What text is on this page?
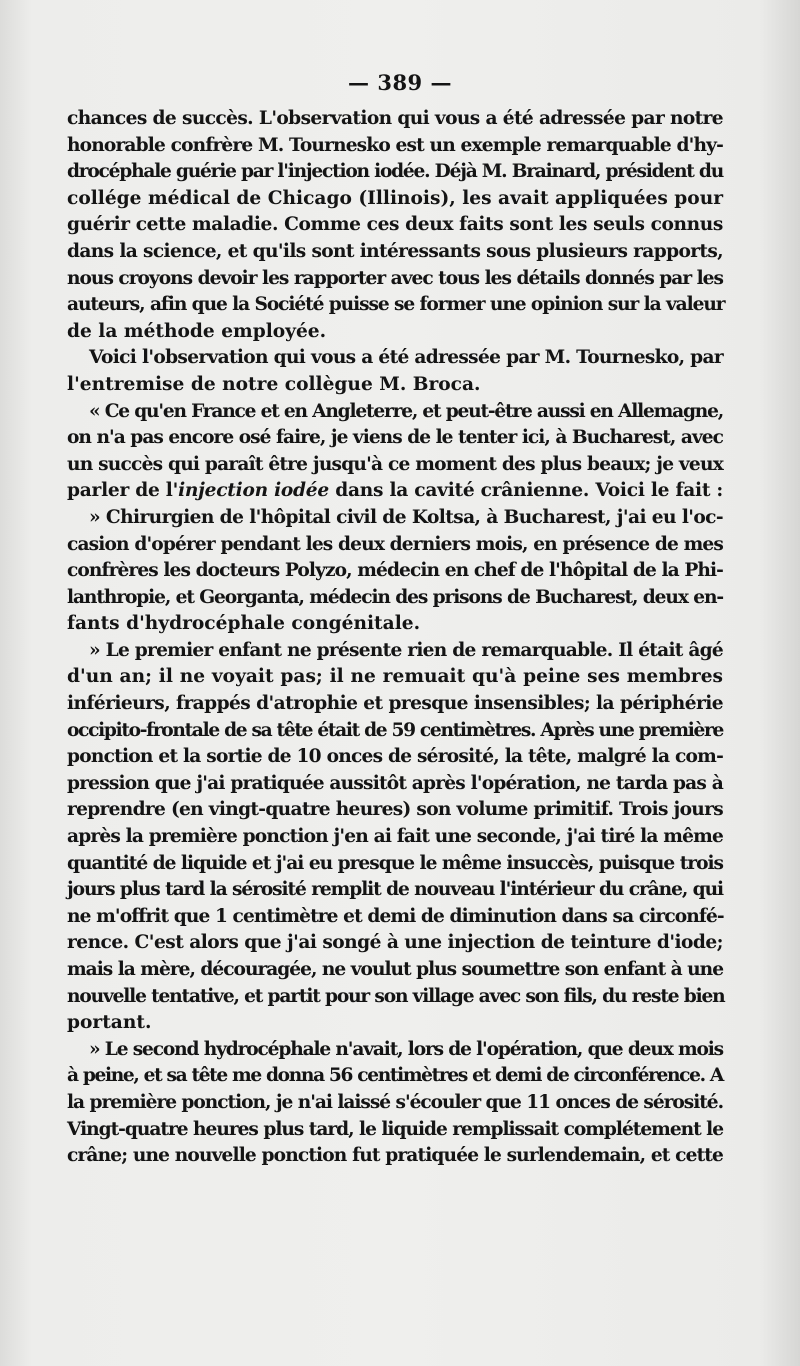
— 389 —
chances de succès. L'observation qui vous a été adressée par notre
honorable confrère M. Tournesko est un exemple remarquable d'hy-
drocéphale guérie par l'injection iodée. Déjà M. Brainard, président du
collége médical de Chicago (Illinois), les avait appliquées pour
guérir cette maladie. Comme ces deux faits sont les seuls connus
dans la science, et qu'ils sont intéressants sous plusieurs rapports,
nous croyons devoir les rapporter avec tous les détails donnés par les
auteurs, afin que la Société puisse se former une opinion sur la valeur
de la méthode employée.
Voici l'observation qui vous a été adressée par M. Tournesko, par
l'entremise de notre collègue M. Broca.
« Ce qu'en France et en Angleterre, et peut-être aussi en Allemagne,
on n'a pas encore osé faire, je viens de le tenter ici, à Bucharest, avec
un succès qui paraît être jusqu'à ce moment des plus beaux; je veux
parler de l'injection iodée dans la cavité crânienne. Voici le fait :
» Chirurgien de l'hôpital civil de Koltsa, à Bucharest, j'ai eu l'oc-
casion d'opérer pendant les deux derniers mois, en présence de mes
confrères les docteurs Polyzo, médecin en chef de l'hôpital de la Phi-
lanthropie, et Georganta, médecin des prisons de Bucharest, deux en-
fants d'hydrocéphale congénitale.
» Le premier enfant ne présente rien de remarquable. Il était âgé
d'un an; il ne voyait pas; il ne remuait qu'à peine ses membres
inférieurs, frappés d'atrophie et presque insensibles; la périphérie
occipito-frontale de sa tête était de 59 centimètres. Après une première
ponction et la sortie de 10 onces de sérosité, la tête, malgré la com-
pression que j'ai pratiquée aussitôt après l'opération, ne tarda pas à
reprendre (en vingt-quatre heures) son volume primitif. Trois jours
après la première ponction j'en ai fait une seconde, j'ai tiré la même
quantité de liquide et j'ai eu presque le même insuccès, puisque trois
jours plus tard la sérosité remplit de nouveau l'intérieur du crâne, qui
ne m'offrit que 1 centimètre et demi de diminution dans sa circonfé-
rence. C'est alors que j'ai songé à une injection de teinture d'iode;
mais la mère, découragée, ne voulut plus soumettre son enfant à une
nouvelle tentative, et partit pour son village avec son fils, du reste bien
portant.
» Le second hydrocéphale n'avait, lors de l'opération, que deux mois
à peine, et sa tête me donna 56 centimètres et demi de circonférence. A
la première ponction, je n'ai laissé s'écouler que 11 onces de sérosité.
Vingt-quatre heures plus tard, le liquide remplissait complétement le
crâne; une nouvelle ponction fut pratiquée le surlendemain, et cette
